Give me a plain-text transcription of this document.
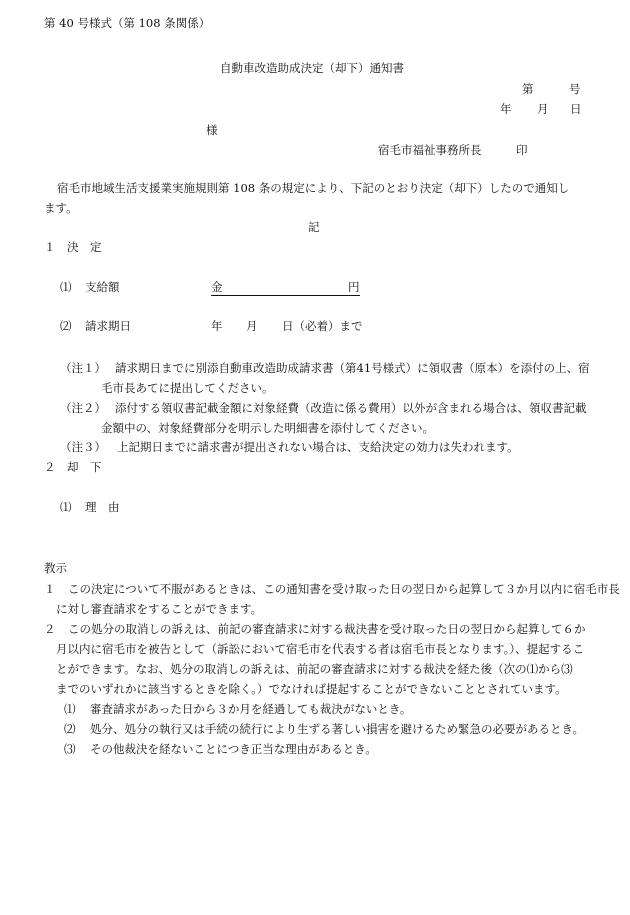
第 40 号様式（第 108 条関係）
自動車改造助成決定（却下）通知書
第	号
年 月 日
様
宿毛市福祉事務所長	印
宿毛市地域生活支援業実施規則第 108 条の規定により、下記のとおり決定（却下）したので通知し
ます。
記
１　決　定
⑴ 支給額	金	円
⑵ 請求期日	年 月 日（必着）まで
（注１） 請求期日までに別添自動車改造助成請求書（第41号様式）に領収書（原本）を添付の上、宿
毛市長あてに提出してください。
（注２） 添付する領収書記載金額に対象経費（改造に係る費用）以外が含まれる場合は、領収書記載
金額中の、対象経費部分を明示した明細書を添付してください。
（注３） 上記期日までに請求書が提出されない場合は、支給決定の効力は失われます。
２　却　下
⑴ 理　由
教示
１ この決定について不服があるときは、この通知書を受け取った日の翌日から起算して３か月以内に宿毛市長
に対し審査請求をすることができます。
２ この処分の取消しの訴えは、前記の審査請求に対する裁決書を受け取った日の翌日から起算して６か
月以内に宿毛市を被告として（訴訟において宿毛市を代表する者は宿毛市長となります。）、提起するこ
とができます。なお、処分の取消しの訴えは、前記の審査請求に対する裁決を経た後（次の⑴から⑶
までのいずれかに該当するときを除く。）でなければ提起することができないこととされています。
⑴ 審査請求があった日から３か月を経過しても裁決がないとき。
⑵ 処分、処分の執行又は手続の続行により生ずる著しい損害を避けるため緊急の必要があるとき。
⑶ その他裁決を経ないことにつき正当な理由があるとき。
